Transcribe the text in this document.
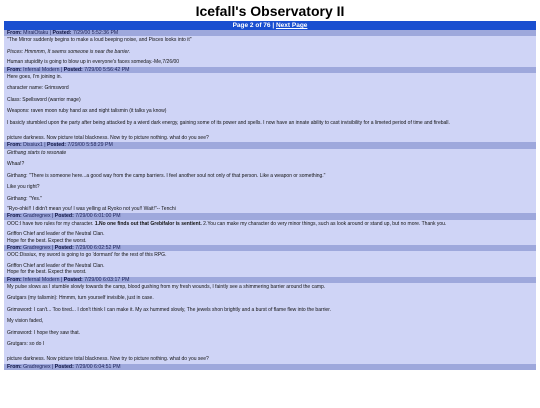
Icefall's Observatory II
Page 2 of 76 | Next Page
From: MiraiOtaku | Posted: 7/29/00 5:52:36 PM
"The Mirror suddenly begins to make a loud beeping noise, and Pisces looks into it"
Pisces: Hmmmm, It seems someone is near the barrier.
Human stupidity is going to blow up in everyone's faces someday.-Me,7/26/00
From: Infernal Modern | Posted: 7/29/00 5:56:42 PM
Here goes, I'm joining in.
character name: Grimsword
Class: Spellsword (warrior mage)
Weapons: raven moon ruby hand ax and night talismin (it talks ya know)
I basicly stumbled upon the party after being attacked by a wierd dark energy, gaining some of its power and spells. I now have an innate ability to cast invisibility for a limeted period of time and fireball.
picture darkness. Now picture total blackness. Now try to picture nothing. what do you see?
From: Dissiux1 | Posted: 7/29/00 5:58:29 PM
Girthang starts to resonate
Whaa!?
Girthang: "There is someone here...a good way from the camp barriers. I feel another soul not only of that person. Like a weapon or something."
Like you right?
Girthang: "Yes."
"Ryo-ohki!! I didn't mean you! I was yelling at Ryoko not you!! Wait!"-- Tenchi
From: Gradregnex | Posted: 7/29/00 6:01:00 PM
OOC:I have two rules for my character. 1.No one finds out that Grebifalor is sentient. 2.You can make my character do very minor things, such as look around or stand up, but no more. Thank you.
Griffon Chief and leader of the Neutral Clan.
Hope for the best. Expect the worst.
From: Gradregnex | Posted: 7/29/00 6:02:52 PM
OOC:Dissiux, my sword is going to go 'dormant' for the rest of this RPG.
Griffon Chief and leader of the Neutral Clan.
Hope for the best. Expect the worst.
From: Infernal Modern | Posted: 7/29/00 6:03:17 PM
My pulse slows as I stumble slowly towards the camp, blood gushing from my fresh wounds, I faintly see a shimmering barrier around the camp.
Grutgars (my talismin): Hmmm, turn yourself invisible, just in case.
Grimsword: I can't... Too tired... I don't think I can make it. My ax hummed slowly, The jewels shon brightly and a burst of flame flew into the barrier.
My vision faded,
Grimsword: I hope they saw that.
Grutgars: so do I
picture darkness. Now picture total blackness. Now try to picture nothing. what do you see?
From: Gradregnex | Posted: 7/29/00 6:04:51 PM
